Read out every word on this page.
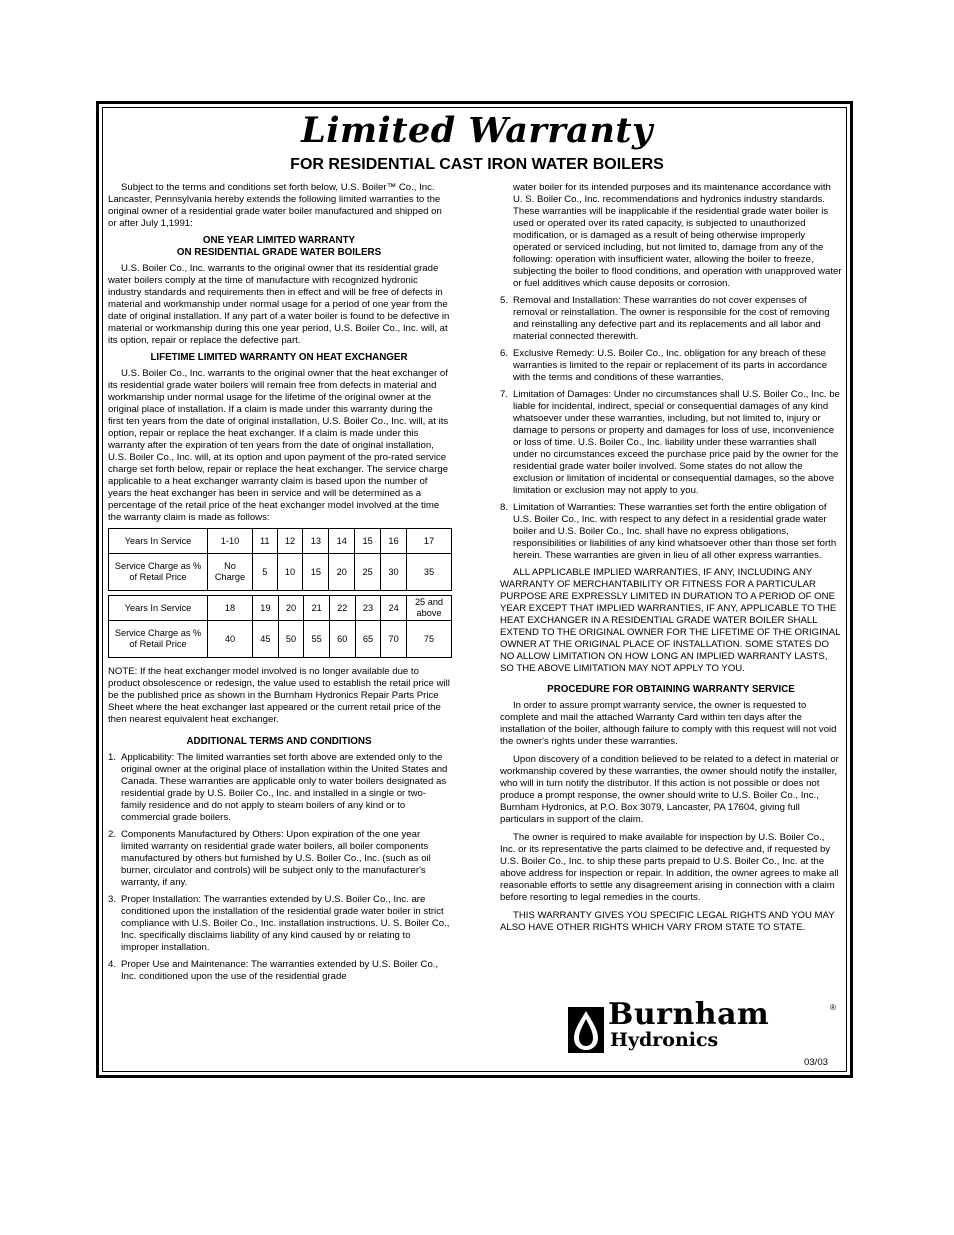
Limited Warranty
FOR RESIDENTIAL CAST IRON WATER BOILERS

Subject to the terms and conditions set forth below, U.S. Boiler™ Co., Inc. Lancaster, Pennsylvania hereby extends the following limited warranties to the original owner of a residential grade water boiler manufactured and shipped on or after July 1,1991:

ONE YEAR LIMITED WARRANTY
ON RESIDENTIAL GRADE WATER BOILERS

U.S. Boiler Co., Inc. warrants to the original owner that its residential grade water boilers comply at the time of manufacture with recognized hydronic industry standards and requirements then in effect and will be free of defects in material and workmanship under normal usage for a period of one year from the date of original installation. If any part of a water boiler is found to be defective in material or workmanship during this one year period, U.S. Boiler Co., Inc. will, at its option, repair or replace the defective part.

LIFETIME LIMITED WARRANTY ON HEAT EXCHANGER

U.S. Boiler Co., Inc. warrants to the original owner that the heat exchanger of its residential grade water boilers will remain free from defects in material and workmanship under normal usage for the lifetime of the original owner at the original place of installation. If a claim is made under this warranty during the first ten years from the date of original installation, U.S. Boiler Co., Inc. will, at its option, repair or replace the heat exchanger. If a claim is made under this warranty after the expiration of ten years from the date of original installation, U.S. Boiler Co., Inc. will, at its option and upon payment of the pro-rated service charge set forth below, repair or replace the heat exchanger. The service charge applicable to a heat exchanger warranty claim is based upon the number of years the heat exchanger has been in service and will be determined as a percentage of the retail price of the heat exchanger model involved at the time the warranty claim is made as follows:

Years In Service	1-10	11	12	13	14	15	16	17
Service Charge as % of Retail Price	No Charge	5	10	15	20	25	30	35
Years In Service	18	19	20	21	22	23	24	25 and above
Service Charge as % of Retail Price	40	45	50	55	60	65	70	75

NOTE: If the heat exchanger model involved is no longer available due to product obsolescence or redesign, the value used to establish the retail price will be the published price as shown in the Burnham Hydronics Repair Parts Price Sheet where the heat exchanger last appeared or the current retail price of the then nearest equivalent heat exchanger.

ADDITIONAL TERMS AND CONDITIONS
1. Applicability: The limited warranties set forth above are extended only to the original owner at the original place of installation within the United States and Canada. These warranties are applicable only to water boilers designated as residential grade by U.S. Boiler Co., Inc. and installed in a single or two-family residence and do not apply to steam boilers of any kind or to commercial grade boilers.
2. Components Manufactured by Others: Upon expiration of the one year limited warranty on residential grade water boilers, all boiler components manufactured by others but furnished by U.S. Boiler Co., Inc. (such as oil burner, circulator and controls) will be subject only to the manufacturer's warranty, if any.
3. Proper Installation: The warranties extended by U.S. Boiler Co., Inc. are conditioned upon the installation of the residential grade water boiler in strict compliance with U.S. Boiler Co., Inc. installation instructions. U. S. Boiler Co., Inc. specifically disclaims liability of any kind caused by or relating to improper installation.
4. Proper Use and Maintenance: The warranties extended by U.S. Boiler Co., Inc. conditioned upon the use of the residential grade

water boiler for its intended purposes and its maintenance accordance with U. S. Boiler Co., Inc. recommendations and hydronics industry standards. These warranties will be inapplicable if the residential grade water boiler is used or operated over its rated capacity, is subjected to unauthorized modification, or is damaged as a result of being otherwise improperly operated or serviced including, but not limited to, damage from any of the following: operation with insufficient water, allowing the boiler to freeze, subjecting the boiler to flood conditions, and operation with unapproved water or fuel additives which cause deposits or corrosion.

5. Removal and Installation: These warranties do not cover expenses of removal or reinstallation. The owner is responsible for the cost of removing and reinstalling any defective part and its replacements and all labor and material connected therewith.
6. Exclusive Remedy: U.S. Boiler Co., Inc. obligation for any breach of these warranties is limited to the repair or replacement of its parts in accordance with the terms and conditions of these warranties.
7. Limitation of Damages: Under no circumstances shall U.S. Boiler Co., Inc. be liable for incidental, indirect, special or consequential damages of any kind whatsoever under these warranties, including, but not limited to, injury or damage to persons or property and damages for loss of use, inconvenience or loss of time. U.S. Boiler Co., Inc. liability under these warranties shall under no circumstances exceed the purchase price paid by the owner for the residential grade water boiler involved. Some states do not allow the exclusion or limitation of incidental or consequential damages, so the above limitation or exclusion may not apply to you.
8. Limitation of Warranties: These warranties set forth the entire obligation of U.S. Boiler Co., Inc. with respect to any defect in a residential grade water boiler and U.S. Boiler Co., Inc. shall have no express obligations, responsibilities or liabilities of any kind whatsoever other than those set forth herein. These warranties are given in lieu of all other express warranties.

ALL APPLICABLE IMPLIED WARRANTIES, IF ANY, INCLUDING ANY WARRANTY OF MERCHANTABILITY OR FITNESS FOR A PARTICULAR PURPOSE ARE EXPRESSLY LIMITED IN DURATION TO A PERIOD OF ONE YEAR EXCEPT THAT IMPLIED WARRANTIES, IF ANY, APPLICABLE TO THE HEAT EXCHANGER IN A RESIDENTIAL GRADE WATER BOILER SHALL EXTEND TO THE ORIGINAL OWNER FOR THE LIFETIME OF THE ORIGINAL OWNER AT THE ORIGINAL PLACE OF INSTALLATION. SOME STATES DO NO ALLOW LIMITATION ON HOW LONG AN IMPLIED WARRANTY LASTS, SO THE ABOVE LIMITATION MAY NOT APPLY TO YOU.

PROCEDURE FOR OBTAINING WARRANTY SERVICE

In order to assure prompt warranty service, the owner is requested to complete and mail the attached Warranty Card within ten days after the installation of the boiler, although failure to comply with this request will not void the owner's rights under these warranties.

Upon discovery of a condition believed to be related to a defect in material or workmanship covered by these warranties, the owner should notify the installer, who will in turn notify the distributor. If this action is not possible or does not produce a prompt response, the owner should write to U.S. Boiler Co., Inc., Burnham Hydronics, at P.O. Box 3079, Lancaster, PA 17604, giving full particulars in support of the claim.

The owner is required to make available for inspection by U.S. Boiler Co., Inc. or its representative the parts claimed to be defective and, if requested by U.S. Boiler Co., Inc. to ship these parts prepaid to U.S. Boiler Co., Inc. at the above address for inspection or repair. In addition, the owner agrees to make all reasonable efforts to settle any disagreement arising in connection with a claim before resorting to legal remedies in the courts.

THIS WARRANTY GIVES YOU SPECIFIC LEGAL RIGHTS AND YOU MAY ALSO HAVE OTHER RIGHTS WHICH VARY FROM STATE TO STATE.

Burnham
Hydronics
®
03/03
